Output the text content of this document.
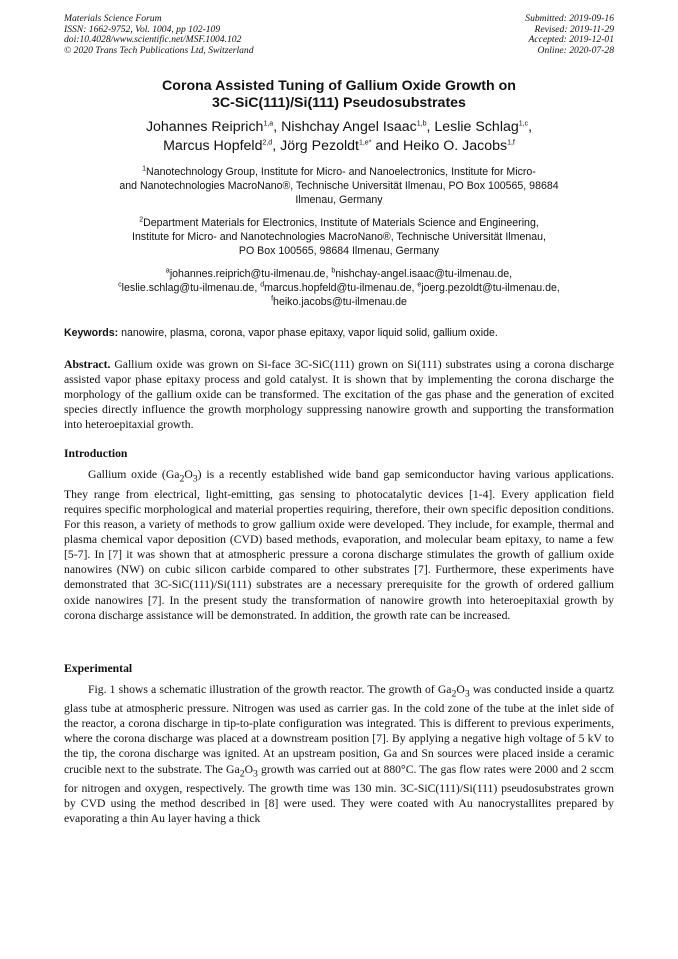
Materials Science Forum
ISSN: 1662-9752, Vol. 1004, pp 102-109
doi:10.4028/www.scientific.net/MSF.1004.102
© 2020 Trans Tech Publications Ltd, Switzerland
Submitted: 2019-09-16
Revised: 2019-11-29
Accepted: 2019-12-01
Online: 2020-07-28
Corona Assisted Tuning of Gallium Oxide Growth on
3C-SiC(111)/Si(111) Pseudosubstrates
Johannes Reiprich$^{1,a}$, Nishchay Angel Isaac$^{1,b}$, Leslie Schlag$^{1,c}$,
Marcus Hopfeld$^{2,d}$, Jörg Pezoldt$^{1,e*}$ and Heiko O. Jacobs$^{1,f}$
$^1$Nanotechnology Group, Institute for Micro- and Nanoelectronics, Institute for Micro-
and Nanotechnologies MacroNano®, Technische Universität Ilmenau, PO Box 100565, 98684
Ilmenau, Germany
$^2$Department Materials for Electronics, Institute of Materials Science and Engineering,
Institute for Micro- and Nanotechnologies MacroNano®, Technische Universität Ilmenau,
PO Box 100565, 98684 Ilmenau, Germany
$^a$johannes.reiprich@tu-ilmenau.de, $^b$nishchay-angel.isaac@tu-ilmenau.de,
$^c$leslie.schlag@tu-ilmenau.de, $^d$marcus.hopfeld@tu-ilmenau.de, $^e$joerg.pezoldt@tu-ilmenau.de,
$^f$heiko.jacobs@tu-ilmenau.de
Keywords: nanowire, plasma, corona, vapor phase epitaxy, vapor liquid solid, gallium oxide.
Abstract. Gallium oxide was grown on Si-face 3C-SiC(111) grown on Si(111) substrates using a corona discharge assisted vapor phase epitaxy process and gold catalyst. It is shown that by implementing the corona discharge the morphology of the gallium oxide can be transformed. The excitation of the gas phase and the generation of excited species directly influence the growth morphology suppressing nanowire growth and supporting the transformation into heteroepitaxial growth.
Introduction

Gallium oxide $(Ga_2O_3)$ is a recently established wide band gap semiconductor having various applications. They range from electrical, light-emitting, gas sensing to photocatalytic devices [1-4]. Every application field requires specific morphological and material properties requiring, therefore, their own specific deposition conditions. For this reason, a variety of methods to grow gallium oxide were developed. They include, for example, thermal and plasma chemical vapor deposition (CVD) based methods, evaporation, and molecular beam epitaxy, to name a few [5-7]. In [7] it was shown that at atmospheric pressure a corona discharge stimulates the growth of gallium oxide nanowires (NW) on cubic silicon carbide compared to other substrates [7]. Furthermore, these experiments have demonstrated that 3C-SiC(111)/Si(111) substrates are a necessary prerequisite for the growth of ordered gallium oxide nanowires [7]. In the present study the transformation of nanowire growth into heteroepitaxial growth by corona discharge assistance will be demonstrated. In addition, the growth rate can be increased.

Experimental

Fig. 1 shows a schematic illustration of the growth reactor. The growth of $Ga_2O_3$ was conducted inside a quartz glass tube at atmospheric pressure. Nitrogen was used as carrier gas. In the cold zone of the tube at the inlet side of the reactor, a corona discharge in tip-to-plate configuration was integrated. This is different to previous experiments, where the corona discharge was placed at a downstream position [7]. By applying a negative high voltage of 5 kV to the tip, the corona discharge was ignited. At an upstream position, Ga and Sn sources were placed inside a ceramic crucible next to the substrate. The $Ga_2O_3$ growth was carried out at 880°C. The gas flow rates were 2000 and 2 sccm for nitrogen and oxygen, respectively. The growth time was 130 min. 3C-SiC(111)/Si(111) pseudosubstrates grown by CVD using the method described in [8] were used. They were coated with Au nanocrystallites prepared by evaporating a thin Au layer having a thick
